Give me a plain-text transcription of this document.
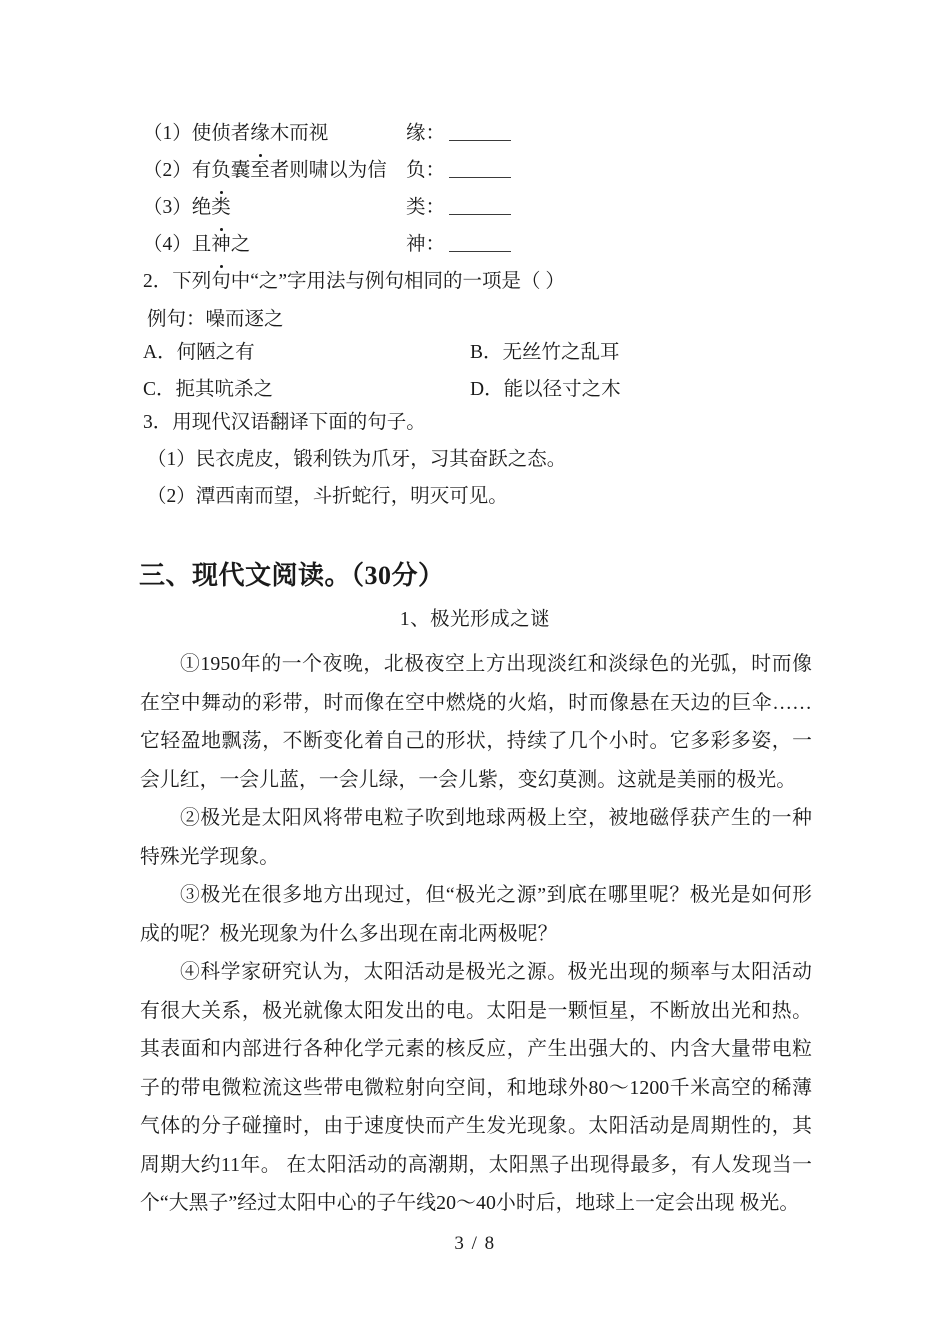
（1）使侦者缘木而视	缘：
（2）有负囊至者则啸以为信 负：
（3）绝类	类：
（4）且神之	神：
2．下列句中“之”字用法与例句相同的一项是（ ）
例句：噪而逐之
A．何陋之有	B．无丝竹之乱耳
C．扼其吭杀之	D．能以径寸之木
3．用现代汉语翻译下面的句子。
（1）民衣虎皮，锻利铁为爪牙，习其奋跃之态。
（2）潭西南而望，斗折蛇行，明灭可见。
三、现代文阅读。（30分）
1、极光形成之谜
①1950年的一个夜晚，北极夜空上方出现淡红和淡绿色的光弧，时而像在空中舞动的彩带，时而像在空中燃烧的火焰，时而像悬在天边的巨伞……它轻盈地飘荡，不断变化着自己的形状，持续了几个小时。它多彩多姿，一会儿红，一会儿蓝，一会儿绿，一会儿紫，变幻莫测。这就是美丽的极光。
②极光是太阳风将带电粒子吹到地球两极上空，被地磁俘获产生的一种特殊光学现象。
③极光在很多地方出现过，但“极光之源”到底在哪里呢？极光是如何形成的呢？极光现象为什么多出现在南北两极呢？
④科学家研究认为，太阳活动是极光之源。极光出现的频率与太阳活动有很大关系，极光就像太阳发出的电。太阳是一颗恒星，不断放出光和热。其表面和内部进行各种化学元素的核反应，产生出强大的、内含大量带电粒子的带电微粒流这些带电微粒射向空间，和地球外80～1200千米高空的稀薄气体的分子碰撞时，由于速度快而产生发光现象。太阳活动是周期性的，其周期大约11年。 在太阳活动的高潮期，太阳黑子出现得最多，有人发现当一个“大黑子”经过太阳中心的子午线20～40小时后，地球上一定会出现 极光。
3 / 8
